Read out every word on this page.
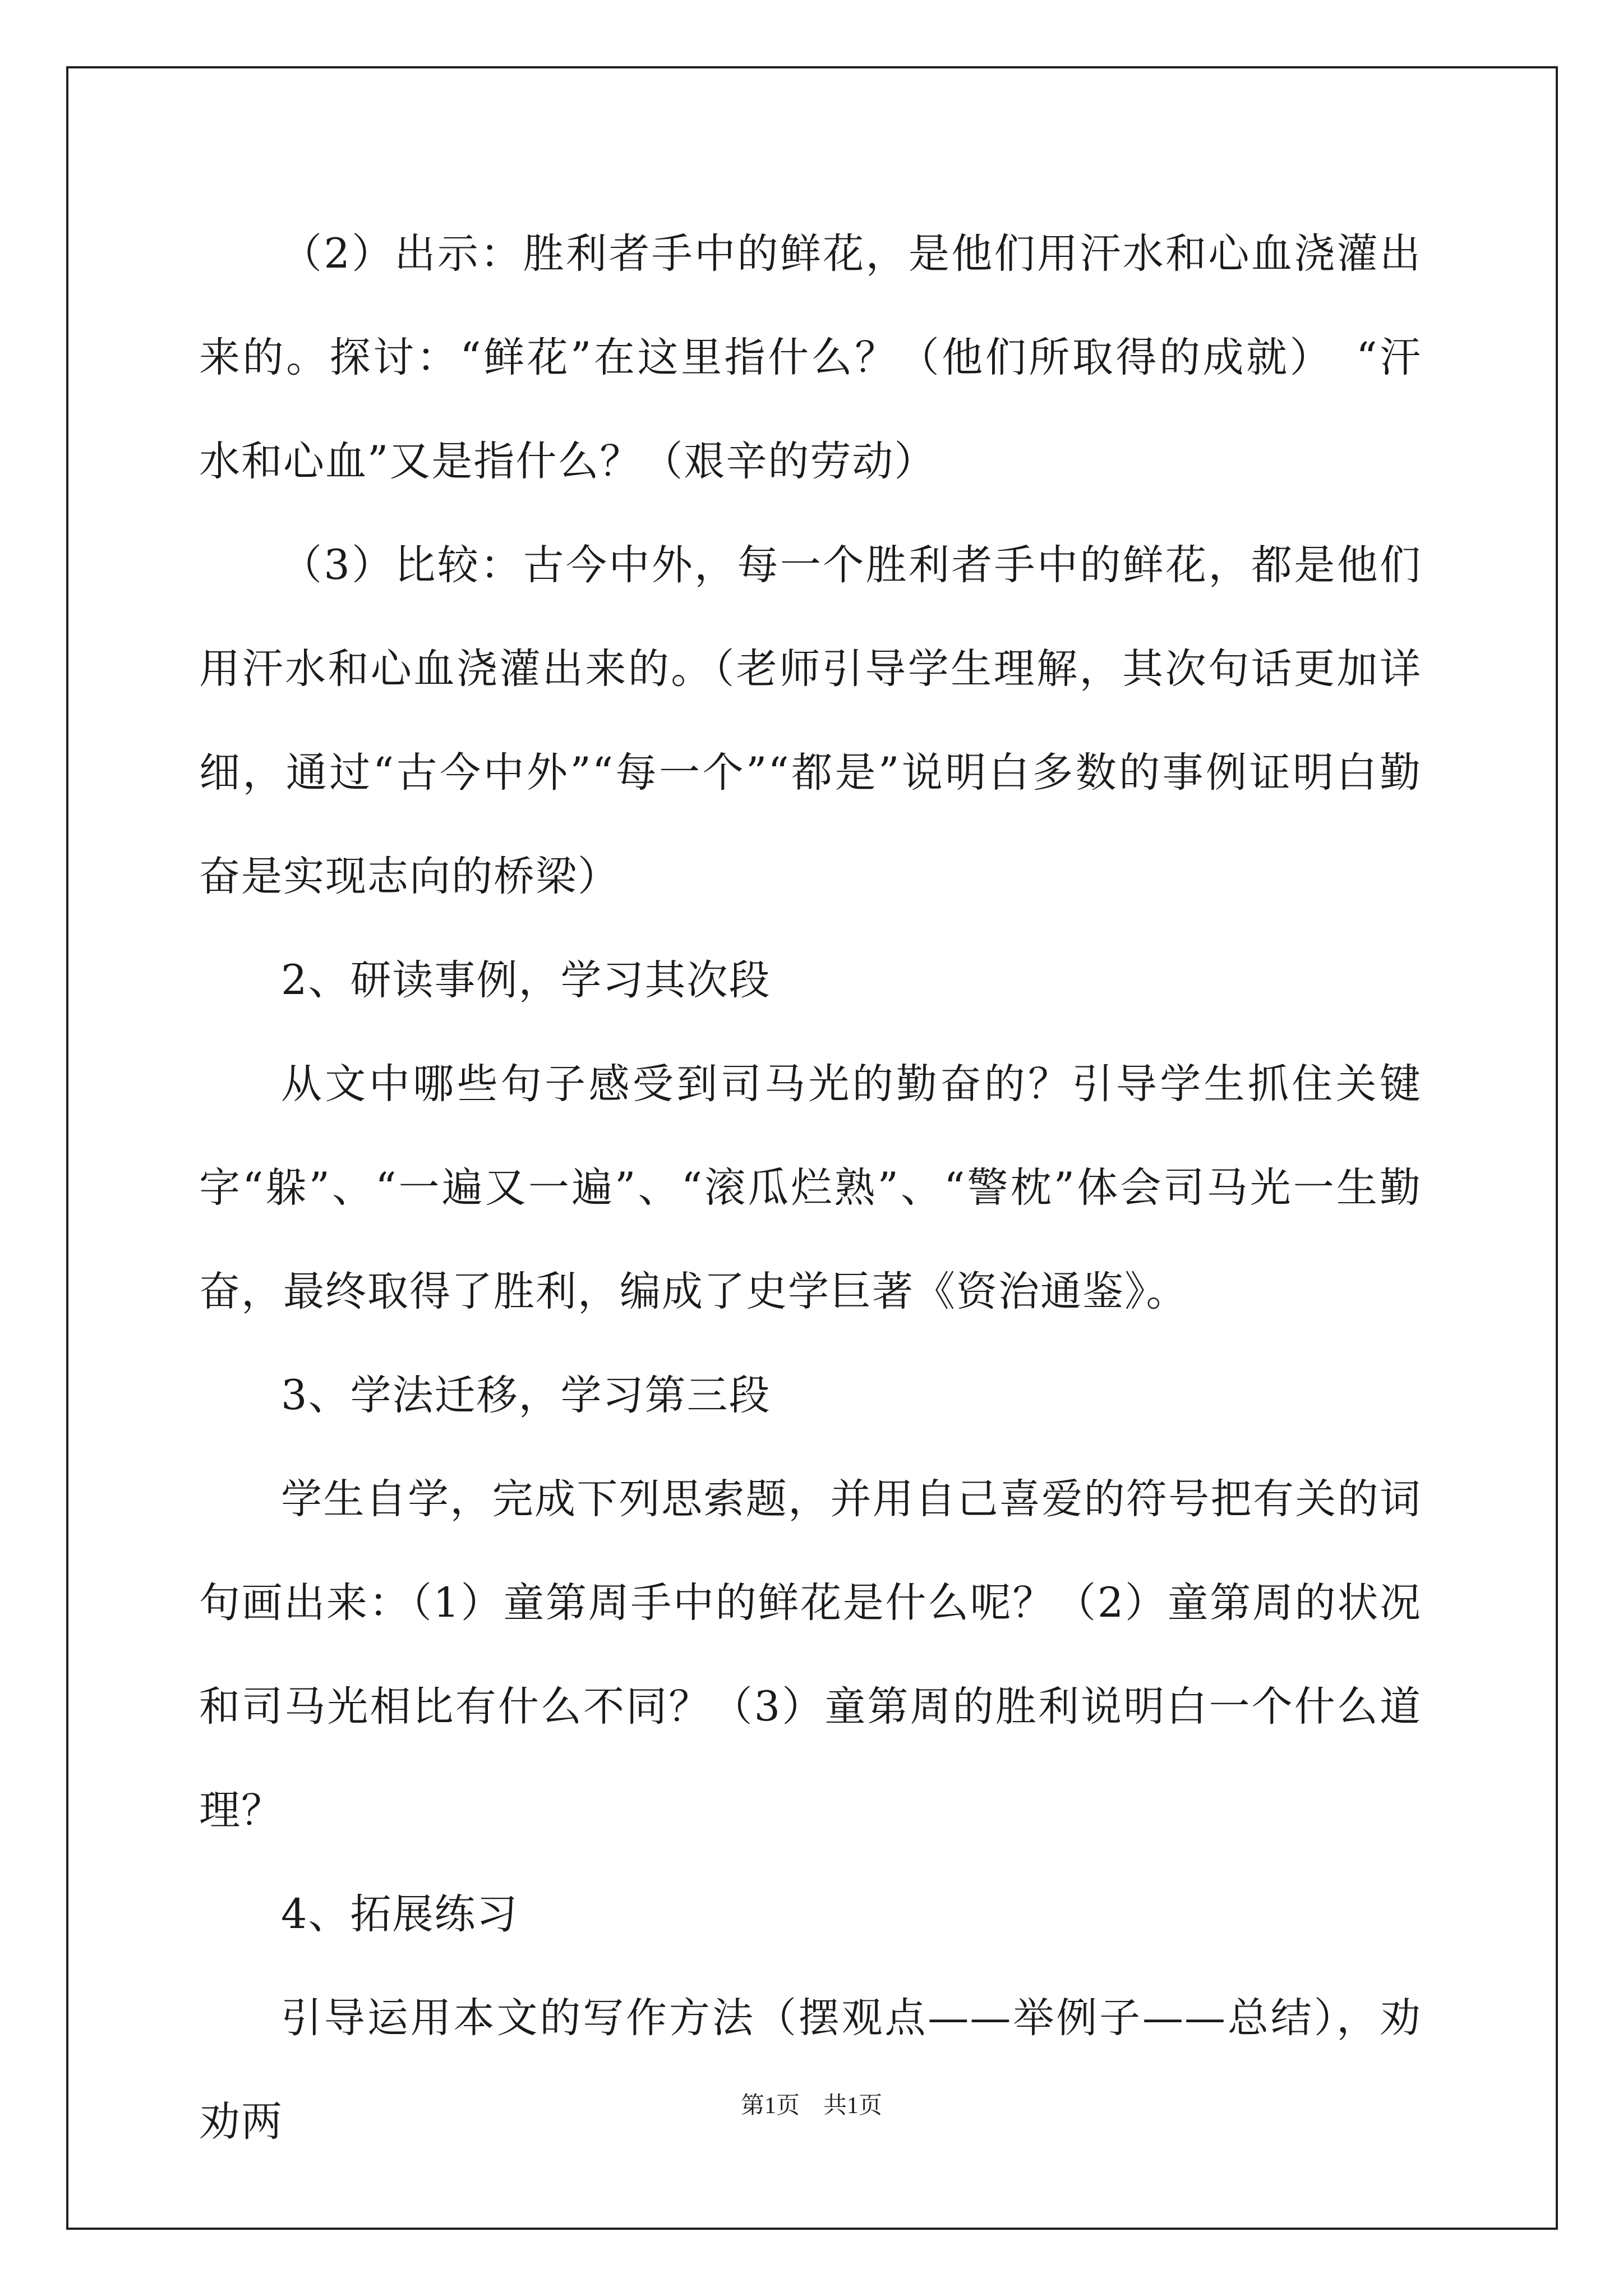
（2）出示：胜利者手中的鲜花，是他们用汗水和心血浇灌出来的。探讨：“鲜花”在这里指什么？（他们所取得的成就）　“汗水和心血”又是指什么？（艰辛的劳动）

（3）比较：古今中外，每一个胜利者手中的鲜花，都是他们用汗水和心血浇灌出来的。（老师引导学生理解，其次句话更加详细，通过“古今中外”“每一个”“都是”说明白多数的事例证明白勤奋是实现志向的桥梁）

2、研读事例，学习其次段

从文中哪些句子感受到司马光的勤奋的？引导学生抓住关键字“躲”、“一遍又一遍”、“滚瓜烂熟”、“警枕”体会司马光一生勤奋，最终取得了胜利，编成了史学巨著《资治通鉴》。

3、学法迁移，学习第三段

学生自学，完成下列思索题，并用自己喜爱的符号把有关的词句画出来：（1）童第周手中的鲜花是什么呢？（2）童第周的状况和司马光相比有什么不同？（3）童第周的胜利说明白一个什么道理？

4、拓展练习

引导运用本文的写作方法（摆观点——举例子——总结），劝劝两	第1页　共1页
